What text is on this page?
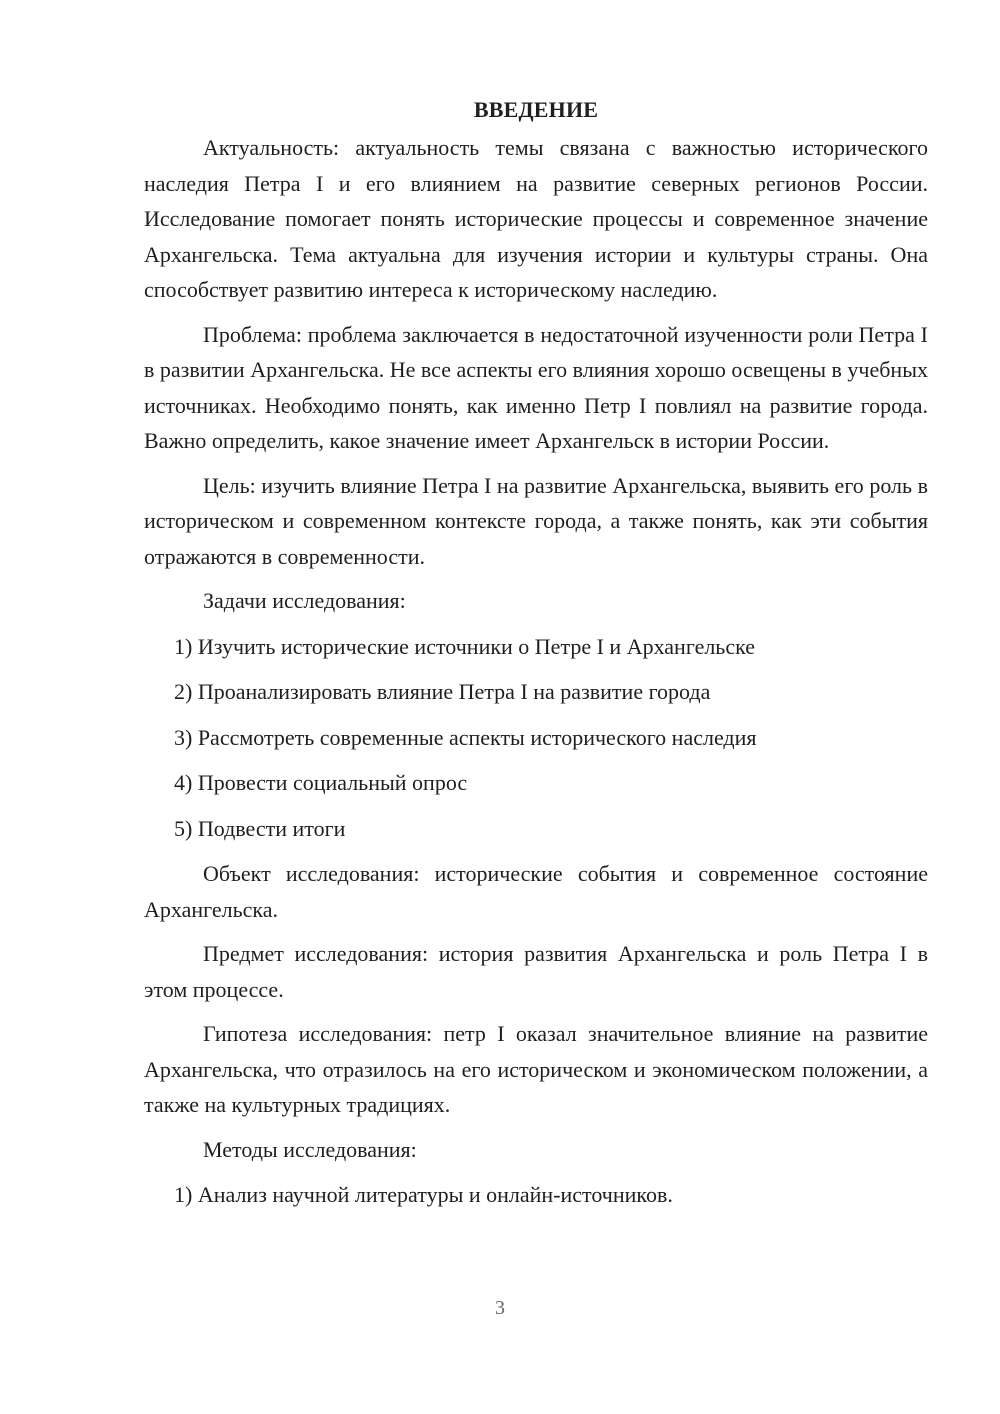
ВВЕДЕНИЕ

Актуальность: актуальность темы связана с важностью исторического наследия Петра I и его влиянием на развитие северных регионов России. Исследование помогает понять исторические процессы и современное значение Архангельска. Тема актуальна для изучения истории и культуры страны. Она способствует развитию интереса к историческому наследию.

Проблема: проблема заключается в недостаточной изученности роли Петра I в развитии Архангельска. Не все аспекты его влияния хорошо освещены в учебных источниках. Необходимо понять, как именно Петр I повлиял на развитие города. Важно определить, какое значение имеет Архангельск в истории России.

Цель: изучить влияние Петра I на развитие Архангельска, выявить его роль в историческом и современном контексте города, а также понять, как эти события отражаются в современности.

Задачи исследования:

1) Изучить исторические источники о Петре I и Архангельске

2) Проанализировать влияние Петра I на развитие города

3) Рассмотреть современные аспекты исторического наследия

4) Провести социальный опрос

5) Подвести итоги

Объект исследования: исторические события и современное состояние Архангельска.

Предмет исследования: история развития Архангельска и роль Петра I в этом процессе.

Гипотеза исследования: петр I оказал значительное влияние на развитие Архангельска, что отразилось на его историческом и экономическом положении, а также на культурных традициях.

Методы исследования:

1) Анализ научной литературы и онлайн-источников.

3
